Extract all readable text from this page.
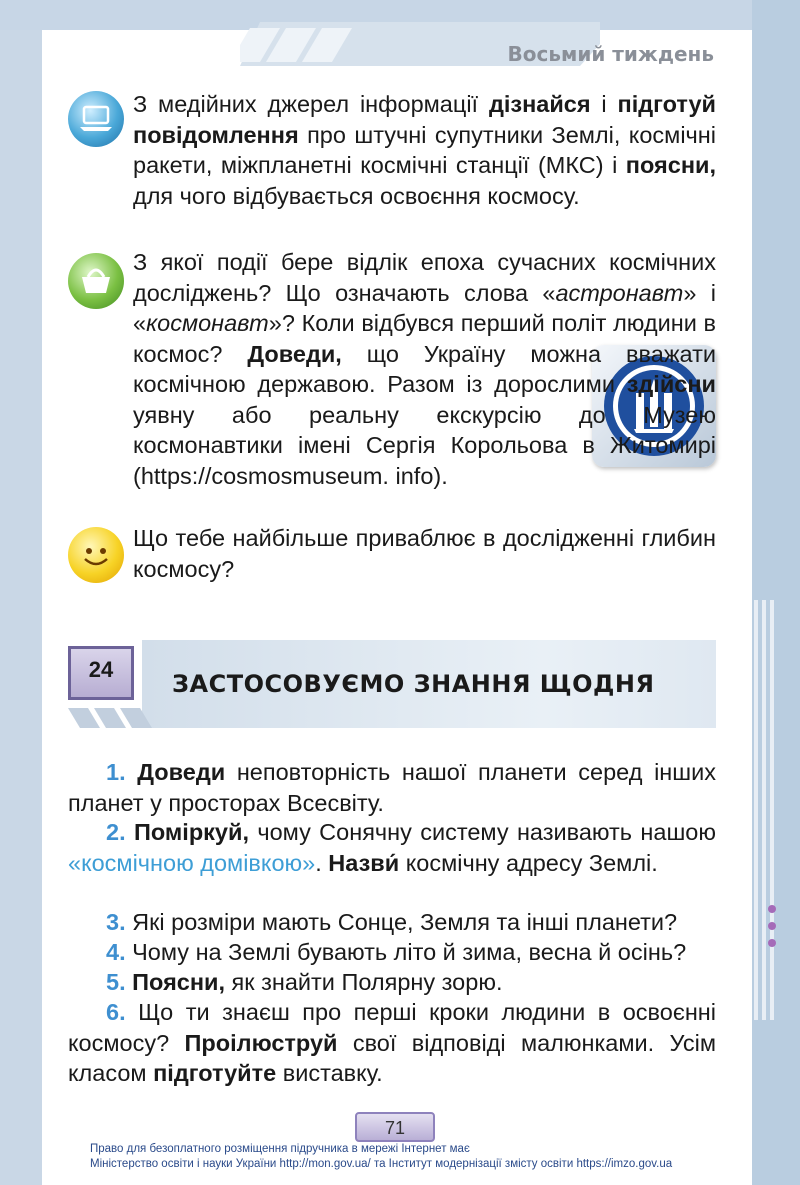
Восьмий тиждень
З медійних джерел інформації дізнайся і підготуй повідомлення про штучні супутники Землі, космічні ракети, міжпланетні космічні станції (МКС) і поясни, для чого відбувається освоєння космосу.
З якої події бере відлік епоха сучасних космічних досліджень? Що означають слова «астронавт» і «космонавт»? Коли відбувся перший політ людини в космос? Доведи, що Україну можна вважати космічною державою. Разом із дорослими здійсни уявну або реальну екскурсію до Музею космонавтики імені Сергія Корольова в Житомирі (https://cosmosmuseum. info).
Що тебе найбільше приваблює в дослідженні глибин космосу?
24
ЗАСТОСОВУЄМО ЗНАННЯ ЩОДНЯ
1. Доведи неповторність нашої планети серед інших планет у просторах Всесвіту.
2. Поміркуй, чому Сонячну систему називають нашою «космічною домівкою». Назви́ космічну адресу Землі.
3. Які розміри мають Сонце, Земля та інші планети?
4. Чому на Землі бувають літо й зима, весна й осінь?
5. Поясни, як знайти Полярну зорю.
6. Що ти знаєш про перші кроки людини в освоєнні космосу? Проілюструй свої відповіді малюнками. Усім класом підготуйте виставку.
71
Право для безоплатного розміщення підручника в мережі Інтернет має
Міністерство освіти і науки України http://mon.gov.ua/ та Інститут модернізації змісту освіти https://imzo.gov.ua
